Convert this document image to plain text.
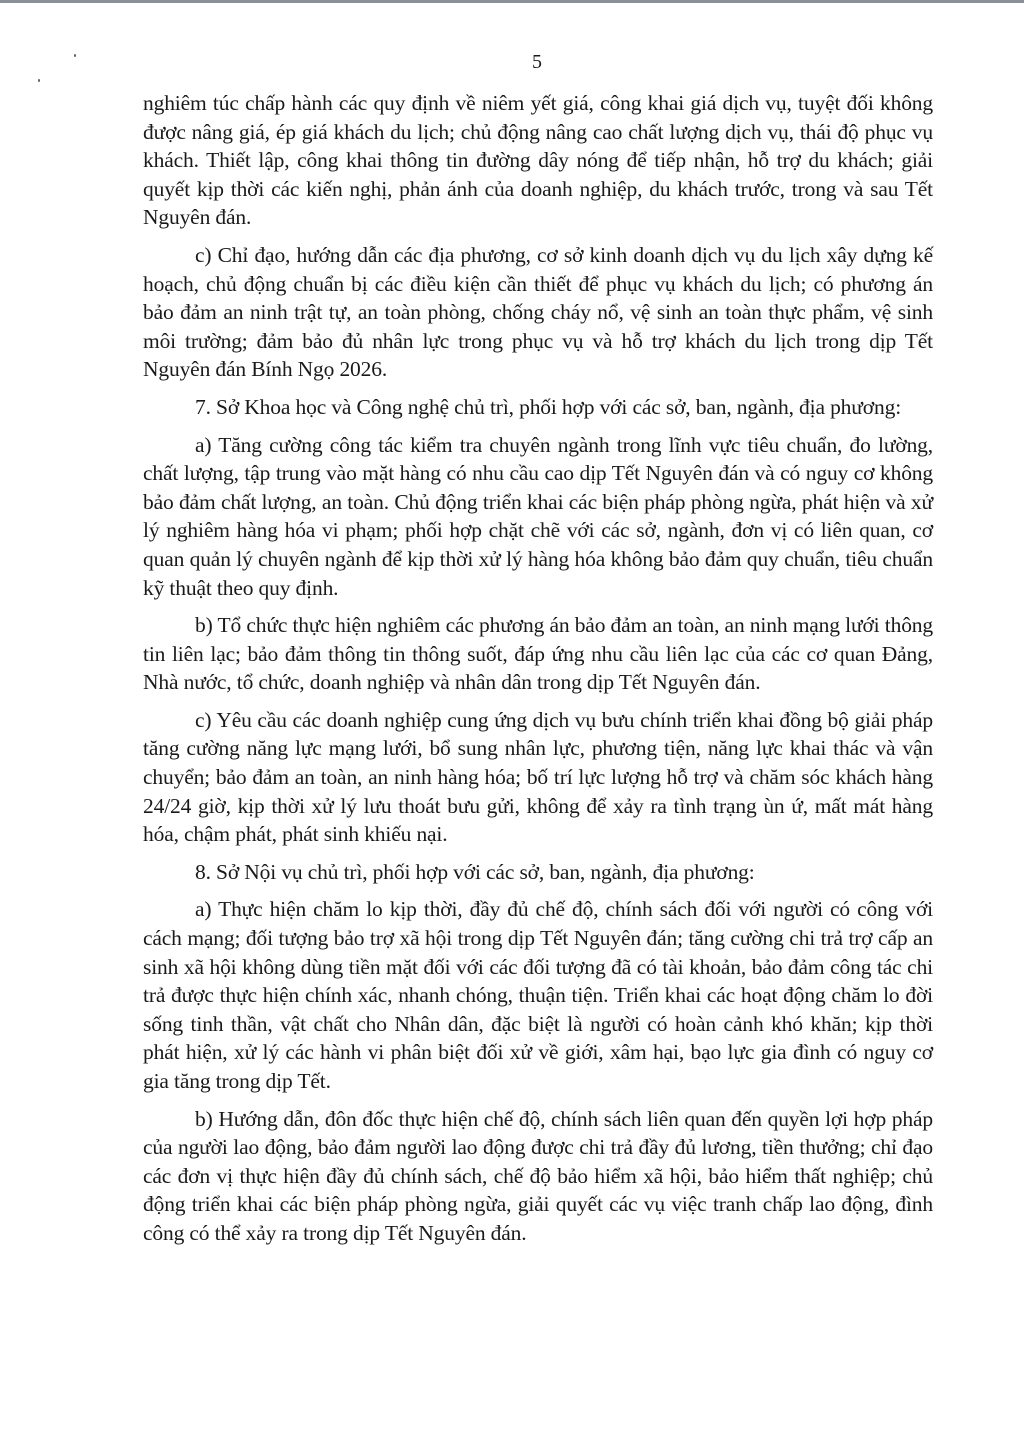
5

nghiêm túc chấp hành các quy định về niêm yết giá, công khai giá dịch vụ, tuyệt đối không được nâng giá, ép giá khách du lịch; chủ động nâng cao chất lượng dịch vụ, thái độ phục vụ khách. Thiết lập, công khai thông tin đường dây nóng để tiếp nhận, hỗ trợ du khách; giải quyết kịp thời các kiến nghị, phản ánh của doanh nghiệp, du khách trước, trong và sau Tết Nguyên đán.

c) Chỉ đạo, hướng dẫn các địa phương, cơ sở kinh doanh dịch vụ du lịch xây dựng kế hoạch, chủ động chuẩn bị các điều kiện cần thiết để phục vụ khách du lịch; có phương án bảo đảm an ninh trật tự, an toàn phòng, chống cháy nổ, vệ sinh an toàn thực phẩm, vệ sinh môi trường; đảm bảo đủ nhân lực trong phục vụ và hỗ trợ khách du lịch trong dịp Tết Nguyên đán Bính Ngọ 2026.

7. Sở Khoa học và Công nghệ chủ trì, phối hợp với các sở, ban, ngành, địa phương:

a) Tăng cường công tác kiểm tra chuyên ngành trong lĩnh vực tiêu chuẩn, đo lường, chất lượng, tập trung vào mặt hàng có nhu cầu cao dịp Tết Nguyên đán và có nguy cơ không bảo đảm chất lượng, an toàn. Chủ động triển khai các biện pháp phòng ngừa, phát hiện và xử lý nghiêm hàng hóa vi phạm; phối hợp chặt chẽ với các sở, ngành, đơn vị có liên quan, cơ quan quản lý chuyên ngành để kịp thời xử lý hàng hóa không bảo đảm quy chuẩn, tiêu chuẩn kỹ thuật theo quy định.

b) Tổ chức thực hiện nghiêm các phương án bảo đảm an toàn, an ninh mạng lưới thông tin liên lạc; bảo đảm thông tin thông suốt, đáp ứng nhu cầu liên lạc của các cơ quan Đảng, Nhà nước, tổ chức, doanh nghiệp và nhân dân trong dịp Tết Nguyên đán.

c) Yêu cầu các doanh nghiệp cung ứng dịch vụ bưu chính triển khai đồng bộ giải pháp tăng cường năng lực mạng lưới, bổ sung nhân lực, phương tiện, năng lực khai thác và vận chuyển; bảo đảm an toàn, an ninh hàng hóa; bố trí lực lượng hỗ trợ và chăm sóc khách hàng 24/24 giờ, kịp thời xử lý lưu thoát bưu gửi, không để xảy ra tình trạng ùn ứ, mất mát hàng hóa, chậm phát, phát sinh khiếu nại.

8. Sở Nội vụ chủ trì, phối hợp với các sở, ban, ngành, địa phương:

a) Thực hiện chăm lo kịp thời, đầy đủ chế độ, chính sách đối với người có công với cách mạng; đối tượng bảo trợ xã hội trong dịp Tết Nguyên đán; tăng cường chi trả trợ cấp an sinh xã hội không dùng tiền mặt đối với các đối tượng đã có tài khoản, bảo đảm công tác chi trả được thực hiện chính xác, nhanh chóng, thuận tiện. Triển khai các hoạt động chăm lo đời sống tinh thần, vật chất cho Nhân dân, đặc biệt là người có hoàn cảnh khó khăn; kịp thời phát hiện, xử lý các hành vi phân biệt đối xử về giới, xâm hại, bạo lực gia đình có nguy cơ gia tăng trong dịp Tết.

b) Hướng dẫn, đôn đốc thực hiện chế độ, chính sách liên quan đến quyền lợi hợp pháp của người lao động, bảo đảm người lao động được chi trả đầy đủ lương, tiền thưởng; chỉ đạo các đơn vị thực hiện đầy đủ chính sách, chế độ bảo hiểm xã hội, bảo hiểm thất nghiệp; chủ động triển khai các biện pháp phòng ngừa, giải quyết các vụ việc tranh chấp lao động, đình công có thể xảy ra trong dịp Tết Nguyên đán.
